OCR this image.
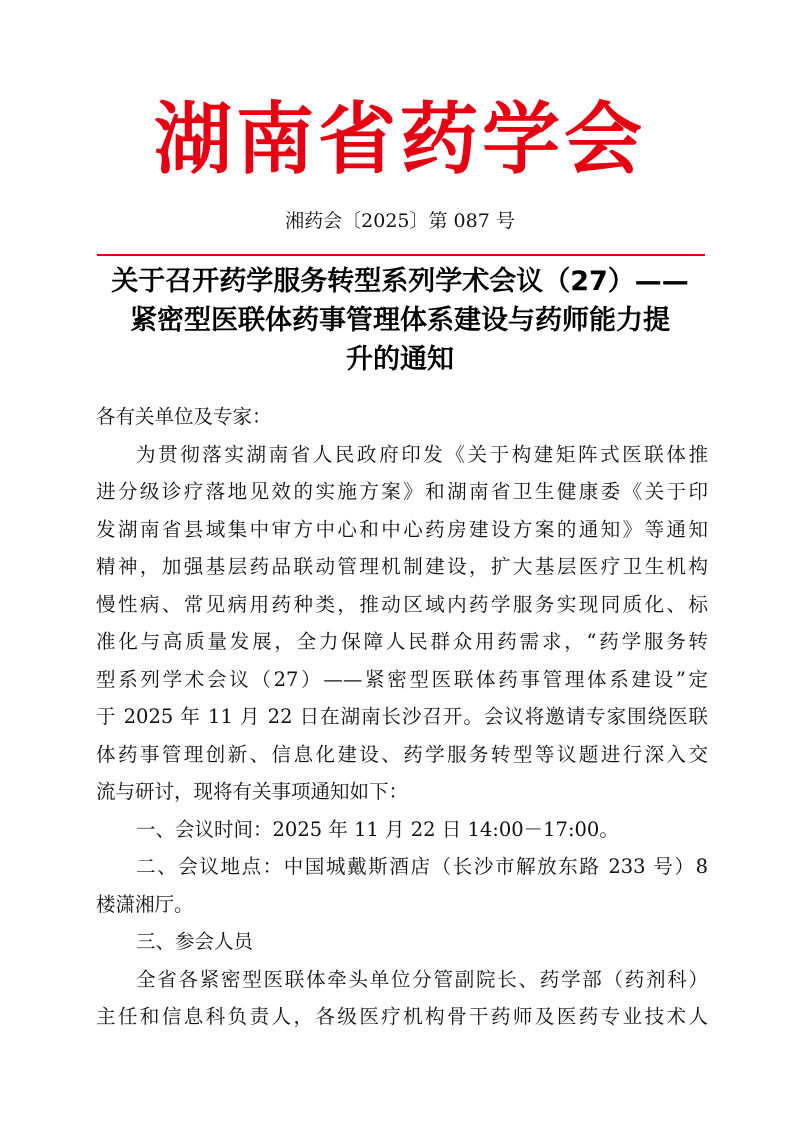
湖南省药学会
湘药会〔2025〕第 087 号
关于召开药学服务转型系列学术会议（27）——
紧密型医联体药事管理体系建设与药师能力提
升的通知
各有关单位及专家：
为贯彻落实湖南省人民政府印发《关于构建矩阵式医联体推
进分级诊疗落地见效的实施方案》和湖南省卫生健康委《关于印
发湖南省县域集中审方中心和中心药房建设方案的通知》等通知
精神，加强基层药品联动管理机制建设，扩大基层医疗卫生机构
慢性病、常见病用药种类，推动区域内药学服务实现同质化、标
准化与高质量发展，全力保障人民群众用药需求，“药学服务转
型系列学术会议（27）——紧密型医联体药事管理体系建设”定
于 2025 年 11 月 22 日在湖南长沙召开。会议将邀请专家围绕医联
体药事管理创新、信息化建设、药学服务转型等议题进行深入交
流与研讨，现将有关事项通知如下：
一、会议时间：2025 年 11 月 22 日 14:00－17:00。
二、会议地点：中国城戴斯酒店（长沙市解放东路 233 号）8
楼潇湘厅。
三、参会人员
全省各紧密型医联体牵头单位分管副院长、药学部（药剂科）
主任和信息科负责人，各级医疗机构骨干药师及医药专业技术人
